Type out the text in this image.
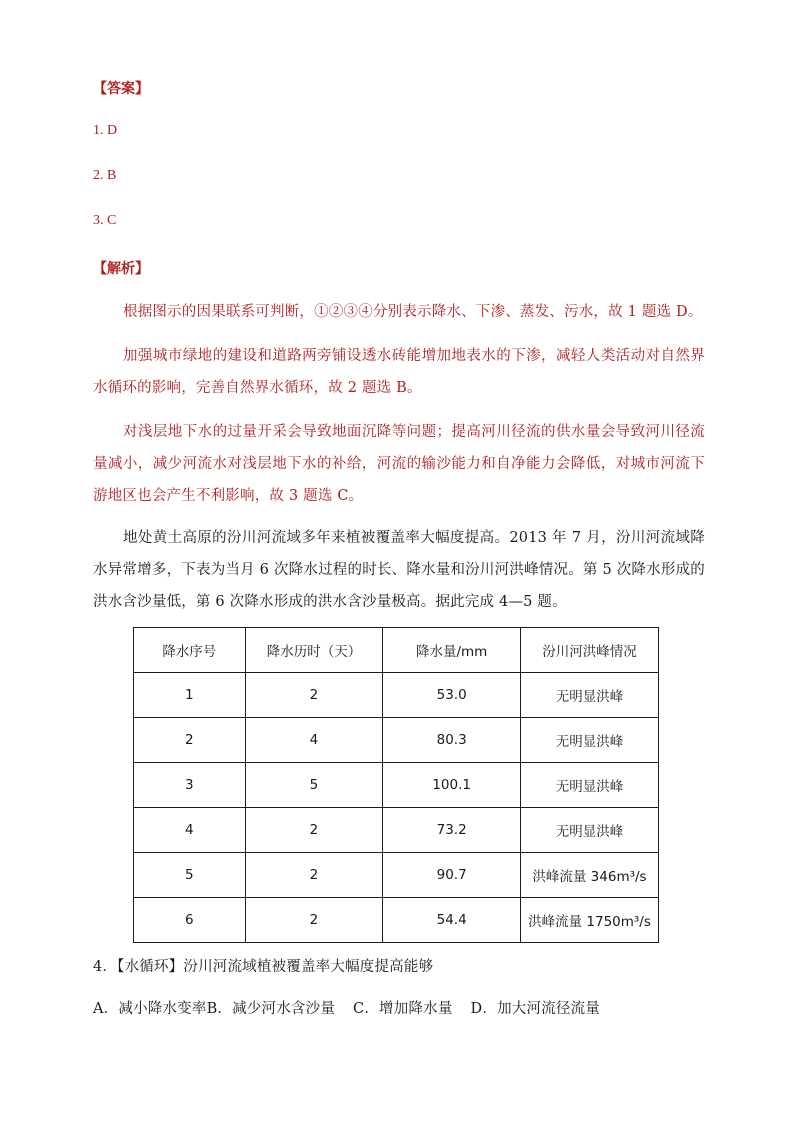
【答案】
1. D
2. B
3. C
【解析】
根据图示的因果联系可判断，①②③④分别表示降水、下渗、蒸发、污水，故 1 题选 D。
加强城市绿地的建设和道路两旁铺设透水砖能增加地表水的下渗，减轻人类活动对自然界水循环的影响，完善自然界水循环，故 2 题选 B。
对浅层地下水的过量开采会导致地面沉降等问题；提高河川径流的供水量会导致河川径流量减小，减少河流水对浅层地下水的补给，河流的输沙能力和自净能力会降低，对城市河流下游地区也会产生不利影响，故 3 题选 C。
地处黄土高原的汾川河流域多年来植被覆盖率大幅度提高。2013 年 7 月，汾川河流域降水异常增多，下表为当月 6 次降水过程的时长、降水量和汾川河洪峰情况。第 5 次降水形成的洪水含沙量低，第 6 次降水形成的洪水含沙量极高。据此完成 4—5 题。
降水序号	降水历时（天）	降水量/mm	汾川河洪峰情况
1	2	53.0	无明显洪峰
2	4	80.3	无明显洪峰
3	5	100.1	无明显洪峰
4	2	73.2	无明显洪峰
5	2	90.7	洪峰流量 346m³/s
6	2	54.4	洪峰流量 1750m³/s
4．【水循环】汾川河流域植被覆盖率大幅度提高能够
A．减小降水变率B．减少河水含沙量 C．增加降水量 D．加大河流径流量
